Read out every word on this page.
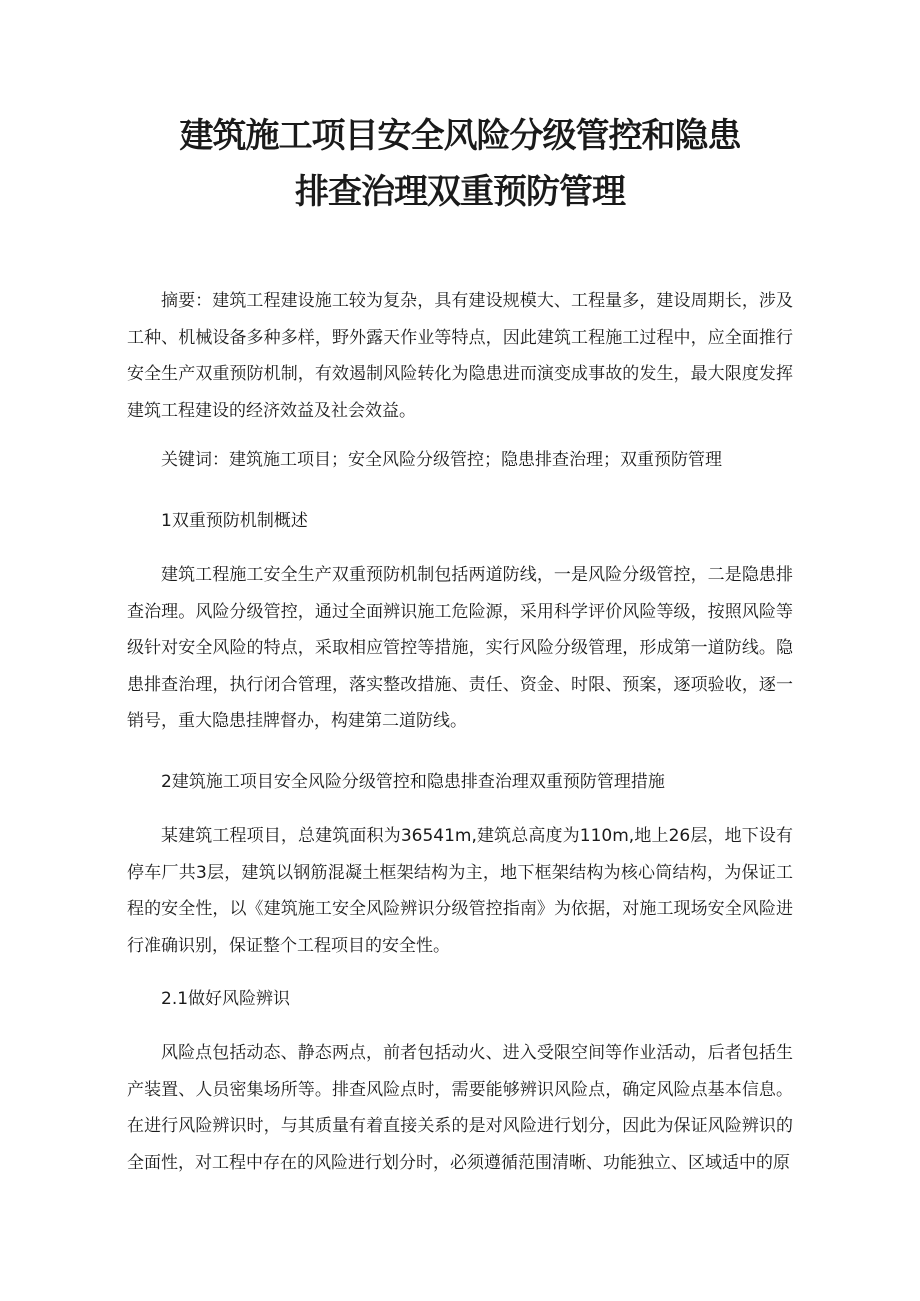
建筑施工项目安全风险分级管控和隐患
排查治理双重预防管理

摘要：建筑工程建设施工较为复杂，具有建设规模大、工程量多，建设周期长，涉及工种、机械设备多种多样，野外露天作业等特点，因此建筑工程施工过程中，应全面推行安全生产双重预防机制，有效遏制风险转化为隐患进而演变成事故的发生，最大限度发挥建筑工程建设的经济效益及社会效益。

关键词：建筑施工项目；安全风险分级管控；隐患排查治理；双重预防管理

1双重预防机制概述

建筑工程施工安全生产双重预防机制包括两道防线，一是风险分级管控，二是隐患排查治理。风险分级管控，通过全面辨识施工危险源，采用科学评价风险等级，按照风险等级针对安全风险的特点，采取相应管控等措施，实行风险分级管理，形成第一道防线。隐患排查治理，执行闭合管理，落实整改措施、责任、资金、时限、预案，逐项验收，逐一销号，重大隐患挂牌督办，构建第二道防线。

2建筑施工项目安全风险分级管控和隐患排查治理双重预防管理措施

某建筑工程项目，总建筑面积为36541m,建筑总高度为110m,地上26层，地下设有停车厂共3层，建筑以钢筋混凝土框架结构为主，地下框架结构为核心筒结构，为保证工程的安全性，以《建筑施工安全风险辨识分级管控指南》为依据，对施工现场安全风险进行准确识别，保证整个工程项目的安全性。

2.1做好风险辨识

风险点包括动态、静态两点，前者包括动火、进入受限空间等作业活动，后者包括生产装置、人员密集场所等。排查风险点时，需要能够辨识风险点，确定风险点基本信息。在进行风险辨识时，与其质量有着直接关系的是对风险进行划分，因此为保证风险辨识的全面性，对工程中存在的风险进行划分时，必须遵循范围清晰、功能独立、区域适中的原
